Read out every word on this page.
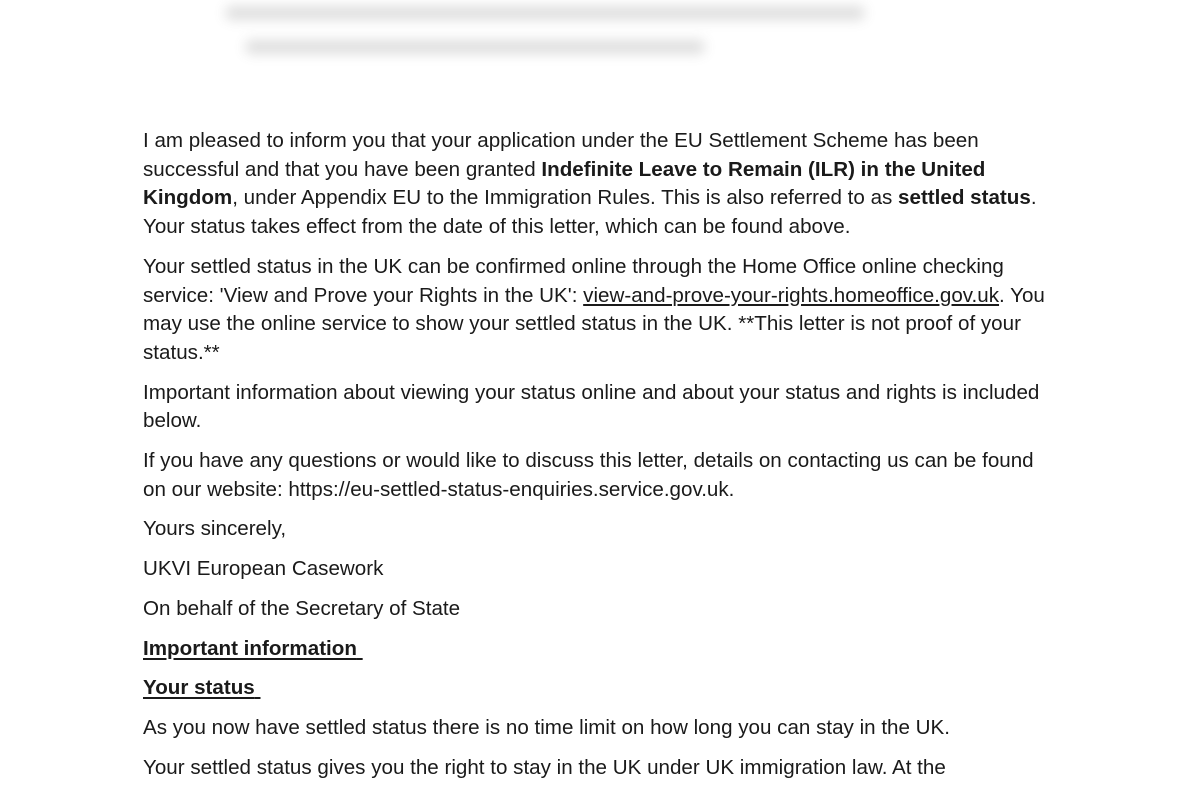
I am pleased to inform you that your application under the EU Settlement Scheme has been successful and that you have been granted Indefinite Leave to Remain (ILR) in the United Kingdom, under Appendix EU to the Immigration Rules. This is also referred to as settled status. Your status takes effect from the date of this letter, which can be found above.

Your settled status in the UK can be confirmed online through the Home Office online checking service: 'View and Prove your Rights in the UK': view-and-prove-your-rights.homeoffice.gov.uk. You may use the online service to show your settled status in the UK. **This letter is not proof of your status.**

Important information about viewing your status online and about your status and rights is included below.

If you have any questions or would like to discuss this letter, details on contacting us can be found on our website: https://eu-settled-status-enquiries.service.gov.uk.

Yours sincerely,

UKVI European Casework

On behalf of the Secretary of State

Important information
Your status

As you now have settled status there is no time limit on how long you can stay in the UK.

Your settled status gives you the right to stay in the UK under UK immigration law. At the
